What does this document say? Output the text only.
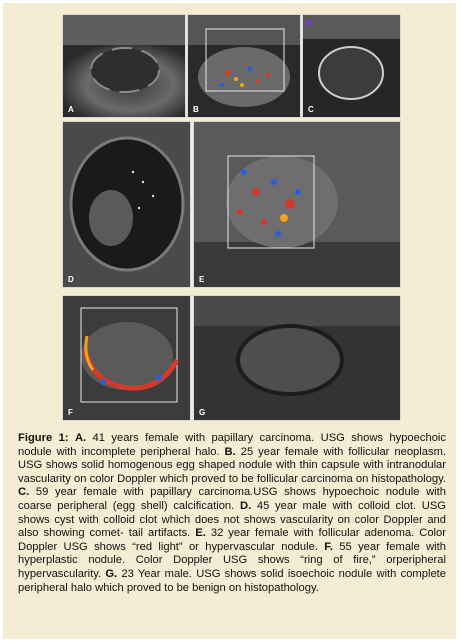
A	B	C
D	E
F	G
Figure 1: A. 41 years female with papillary carcinoma. USG shows hypoechoic nodule with incomplete peripheral halo. B. 25 year female with follicular neoplasm. USG shows solid homogenous egg shaped nodule with thin capsule with intranodular vascularity on color Doppler which proved to be follicular carcinoma on histopathology. C. 59 year female with papillary carcinoma.USG shows hypoechoic nodule with coarse peripheral (egg shell) calcification. D. 45 year male with colloid clot. USG shows cyst with colloid clot which does not shows vascularity on color Doppler and also showing comet- tail artifacts. E. 32 year female with follicular adenoma. Color Doppler USG shows “red light” or hypervascular nodule. F. 55 year female with hyperplastic nodule. Color Doppler USG shows “ring of fire,” orperipheral hypervascularity. G. 23 Year male. USG shows solid isoechoic nodule with complete peripheral halo which proved to be benign on histopathology.
